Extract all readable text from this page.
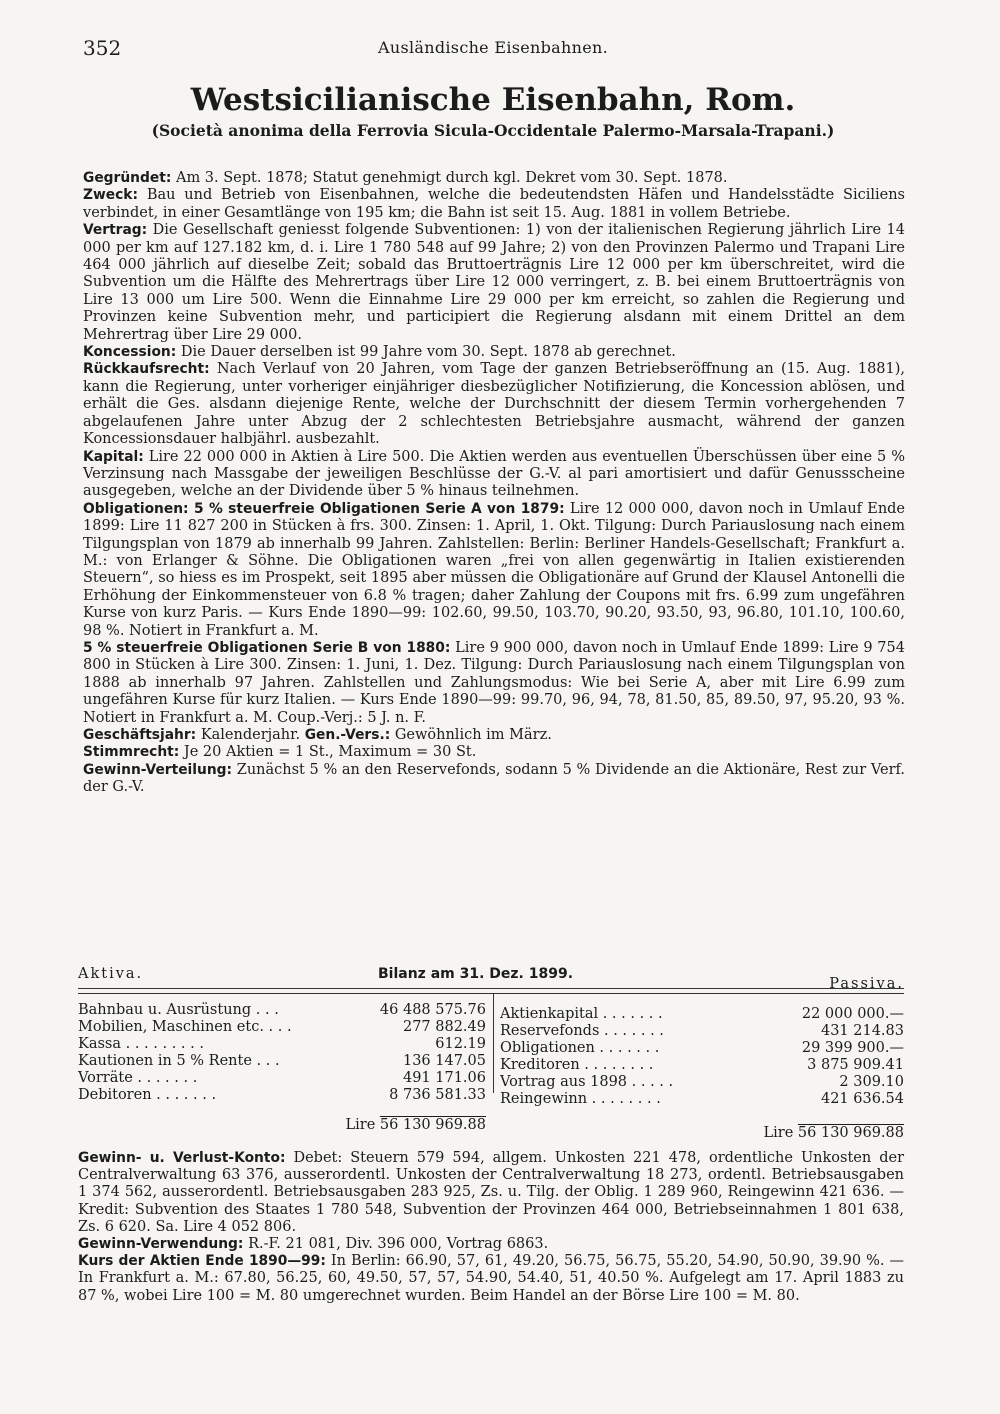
352	Ausländische Eisenbahnen.
Westsicilianische Eisenbahn, Rom.
(Società anonima della Ferrovia Sicula-Occidentale Palermo-Marsala-Trapani.)

Gegründet: Am 3. Sept. 1878; Statut genehmigt durch kgl. Dekret vom 30. Sept. 1878.

Zweck: Bau und Betrieb von Eisenbahnen, welche die bedeutendsten Häfen und Handelsstädte Siciliens verbindet, in einer Gesamtlänge von 195 km; die Bahn ist seit 15. Aug. 1881 in vollem Betriebe.

Vertrag: Die Gesellschaft geniesst folgende Subventionen: 1) von der italienischen Regierung jährlich Lire 14 000 per km auf 127.182 km, d. i. Lire 1 780 548 auf 99 Jahre; 2) von den Provinzen Palermo und Trapani Lire 464 000 jährlich auf dieselbe Zeit; sobald das Bruttoerträgnis Lire 12 000 per km überschreitet, wird die Subvention um die Hälfte des Mehrertrags über Lire 12 000 verringert, z. B. bei einem Bruttoerträgnis von Lire 13 000 um Lire 500. Wenn die Einnahme Lire 29 000 per km erreicht, so zahlen die Regierung und Provinzen keine Subvention mehr, und participiert die Regierung alsdann mit einem Drittel an dem Mehrertrag über Lire 29 000.

Koncession: Die Dauer derselben ist 99 Jahre vom 30. Sept. 1878 ab gerechnet.

Rückkaufsrecht: Nach Verlauf von 20 Jahren, vom Tage der ganzen Betriebseröffnung an (15. Aug. 1881), kann die Regierung, unter vorheriger einjähriger diesbezüglicher Notifizierung, die Koncession ablösen, und erhält die Ges. alsdann diejenige Rente, welche der Durchschnitt der diesem Termin vorhergehenden 7 abgelaufenen Jahre unter Abzug der 2 schlechtesten Betriebsjahre ausmacht, während der ganzen Koncessionsdauer halbjährl. ausbezahlt.

Kapital: Lire 22 000 000 in Aktien à Lire 500. Die Aktien werden aus eventuellen Überschüssen über eine 5 % Verzinsung nach Massgabe der jeweiligen Beschlüsse der G.-V. al pari amortisiert und dafür Genussscheine ausgegeben, welche an der Dividende über 5 % hinaus teilnehmen.

Obligationen: 5 % steuerfreie Obligationen Serie A von 1879: Lire 12 000 000, davon noch in Umlauf Ende 1899: Lire 11 827 200 in Stücken à frs. 300. Zinsen: 1. April, 1. Okt. Tilgung: Durch Pariauslosung nach einem Tilgungsplan von 1879 ab innerhalb 99 Jahren. Zahlstellen: Berlin: Berliner Handels-Gesellschaft; Frankfurt a. M.: von Erlanger & Söhne. Die Obligationen waren „frei von allen gegenwärtig in Italien existierenden Steuern“, so hiess es im Prospekt, seit 1895 aber müssen die Obligationäre auf Grund der Klausel Antonelli die Erhöhung der Einkommensteuer von 6.8 % tragen; daher Zahlung der Coupons mit frs. 6.99 zum ungefähren Kurse von kurz Paris. — Kurs Ende 1890—99: 102.60, 99.50, 103.70, 90.20, 93.50, 93, 96.80, 101.10, 100.60, 98 %. Notiert in Frankfurt a. M.

5 % steuerfreie Obligationen Serie B von 1880: Lire 9 900 000, davon noch in Umlauf Ende 1899: Lire 9 754 800 in Stücken à Lire 300. Zinsen: 1. Juni, 1. Dez. Tilgung: Durch Pariauslosung nach einem Tilgungsplan von 1888 ab innerhalb 97 Jahren. Zahlstellen und Zahlungsmodus: Wie bei Serie A, aber mit Lire 6.99 zum ungefähren Kurse für kurz Italien. — Kurs Ende 1890—99: 99.70, 96, 94, 78, 81.50, 85, 89.50, 97, 95.20, 93 %. Notiert in Frankfurt a. M. Coup.-Verj.: 5 J. n. F.

Geschäftsjahr: Kalenderjahr. Gen.-Vers.: Gewöhnlich im März.

Stimmrecht: Je 20 Aktien = 1 St., Maximum = 30 St.

Gewinn-Verteilung: Zunächst 5 % an den Reservefonds, sodann 5 % Dividende an die Aktionäre, Rest zur Verf. der G.-V.

Aktiva.	Bilanz am 31. Dez. 1899.
Passiva.
Bahnbau u. Ausrüstung . . .	46 488 575.76
Mobilien, Maschinen etc. . . .	277 882.49
Kassa . . . . . . . . .	612.19
Kautionen in 5 % Rente . . .	136 147.05
Vorräte . . . . . . .	491 171.06
Debitoren . . . . . . .	8 736 581.33
Aktienkapital . . . . . . .	22 000 000.—
Reservefonds . . . . . . .	431 214.83
Obligationen . . . . . . .	29 399 900.—
Kreditoren . . . . . . . .	3 875 909.41
Vortrag aus 1898 . . . . .	2 309.10
Reingewinn . . . . . . . .	421 636.54
Lire 56 130 969.88	Lire 56 130 969.88

Gewinn- u. Verlust-Konto: Debet: Steuern 579 594, allgem. Unkosten 221 478, ordentliche Unkosten der Centralverwaltung 63 376, ausserordentl. Unkosten der Centralverwaltung 18 273, ordentl. Betriebsausgaben 1 374 562, ausserordentl. Betriebsausgaben 283 925, Zs. u. Tilg. der Oblig. 1 289 960, Reingewinn 421 636. — Kredit: Subvention des Staates 1 780 548, Subvention der Provinzen 464 000, Betriebseinnahmen 1 801 638, Zs. 6 620. Sa. Lire 4 052 806.

Gewinn-Verwendung: R.-F. 21 081, Div. 396 000, Vortrag 6863.

Kurs der Aktien Ende 1890—99: In Berlin: 66.90, 57, 61, 49.20, 56.75, 56.75, 55.20, 54.90, 50.90, 39.90 %. — In Frankfurt a. M.: 67.80, 56.25, 60, 49.50, 57, 57, 54.90, 54.40, 51, 40.50 %. Aufgelegt am 17. April 1883 zu 87 %, wobei Lire 100 = M. 80 umgerechnet wurden. Beim Handel an der Börse Lire 100 = M. 80.
